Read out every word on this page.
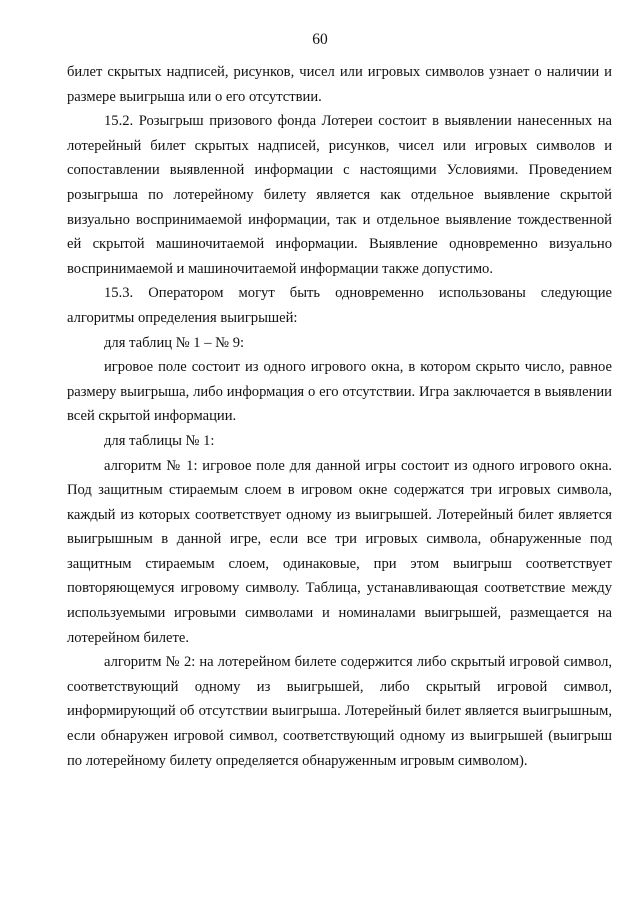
60

билет скрытых надписей, рисунков, чисел или игровых символов узнает о наличии и размере выигрыша или о его отсутствии.

15.2. Розыгрыш призового фонда Лотереи состоит в выявлении нанесенных на лотерейный билет скрытых надписей, рисунков, чисел или игровых символов и сопоставлении выявленной информации с настоящими Условиями. Проведением розыгрыша по лотерейному билету является как отдельное выявление скрытой визуально воспринимаемой информации, так и отдельное выявление тождественной ей скрытой машиночитаемой информации. Выявление одновременно визуально воспринимаемой и машиночитаемой информации также допустимо.

15.3. Оператором могут быть одновременно использованы следующие алгоритмы определения выигрышей:

для таблиц № 1 – № 9:

игровое поле состоит из одного игрового окна, в котором скрыто число, равное размеру выигрыша, либо информация о его отсутствии. Игра заключается в выявлении всей скрытой информации.

для таблицы № 1:

алгоритм № 1: игровое поле для данной игры состоит из одного игрового окна. Под защитным стираемым слоем в игровом окне содержатся три игровых символа, каждый из которых соответствует одному из выигрышей. Лотерейный билет является выигрышным в данной игре, если все три игровых символа, обнаруженные под защитным стираемым слоем, одинаковые, при этом выигрыш соответствует повторяющемуся игровому символу. Таблица, устанавливающая соответствие между используемыми игровыми символами и номиналами выигрышей, размещается на лотерейном билете.

алгоритм № 2: на лотерейном билете содержится либо скрытый игровой символ, соответствующий одному из выигрышей, либо скрытый игровой символ, информирующий об отсутствии выигрыша. Лотерейный билет является выигрышным, если обнаружен игровой символ, соответствующий одному из выигрышей (выигрыш по лотерейному билету определяется обнаруженным игровым символом).
